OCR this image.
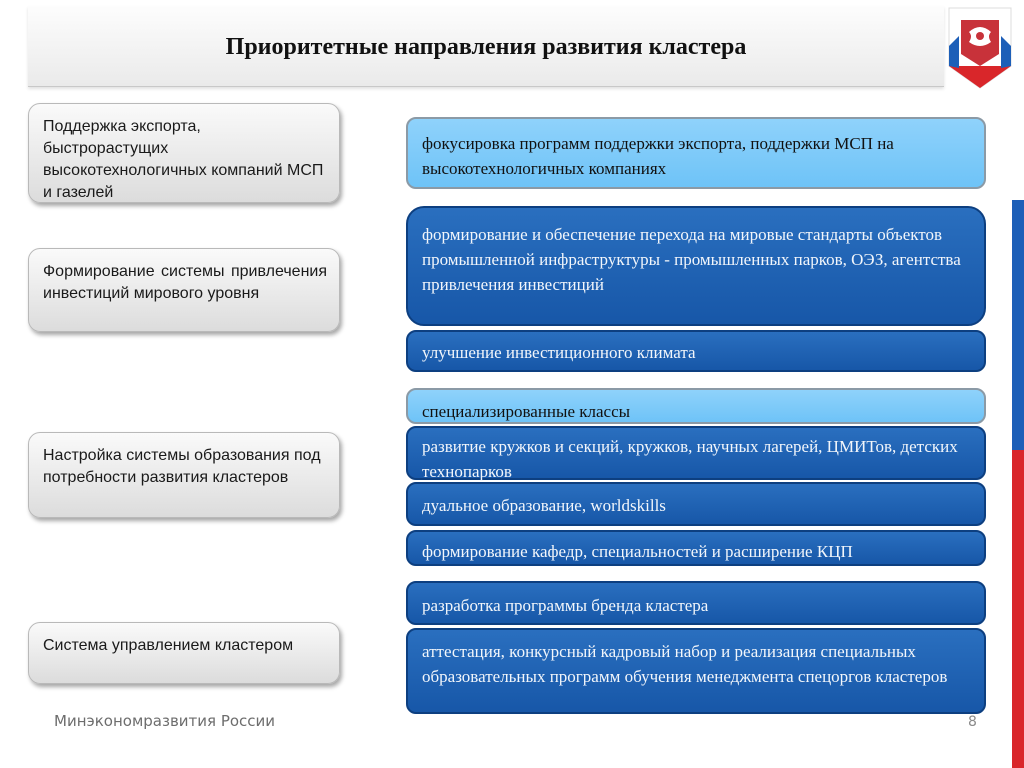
Приоритетные направления развития кластера
Поддержка экспорта, быстрорастущих высокотехнологичных компаний МСП и газелей
Формирование системы привлечения инвестиций мирового уровня
Настройка системы образования под потребности развития кластеров
Система управлением кластером
фокусировка программ поддержки экспорта, поддержки МСП на высокотехнологичных компаниях
формирование и обеспечение перехода на мировые стандарты объектов промышленной инфраструктуры - промышленных парков, ОЭЗ, агентства привлечения инвестиций
улучшение инвестиционного климата
специализированные классы
развитие кружков и секций, кружков, научных лагерей, ЦМИТов, детских технопарков
дуальное образование, worldskills
формирование кафедр, специальностей и расширение КЦП
разработка программы бренда кластера
аттестация, конкурсный кадровый набор и реализация специальных образовательных программ обучения менеджмента спецоргов кластеров
Минэкономразвития России	8
